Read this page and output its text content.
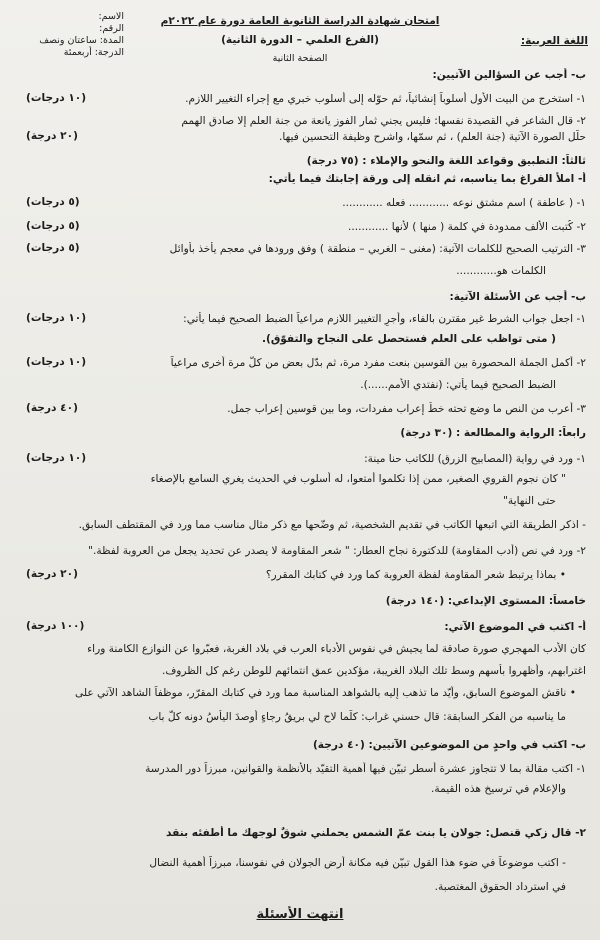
اللغة العربية:
امتحان شهادة الدراسة الثانوية العامة دورة عام ٢٠٢٢م
(الفرع العلمي – الدورة الثانية)
الصفحة الثانية
الاسم:
الرقم:
المدة: ساعتان ونصف
الدرجة: أربعمئة
ب- أجب عن السؤالين الآتيين:
١- استخرج من البيت الأول أسلوباً إنشائياً، ثم حوّله إلى أسلوب خبري مع إجراء التغيير اللازم.
(١٠ درجات)
٢- قال الشاعر في القصيدة نفسها: فليس يجني ثمار الفوز يانعة من جنة العلم إلا صادق الهمم
حلّل الصورة الآتية (جنة العلم) ، ثم سمّها، واشرح وظيفة التحسين فيها.
(٢٠ درجة)
ثالثاً: التطبيق وقواعد اللغة والنحو والإملاء : (٧٥ درجة)
أ- املأ الفراغ بما يناسبه، ثم انقله إلى ورقة إجابتك فيما يأتي:
١- ( عاطفة ) اسم مشتق نوعه ............ فعله ............
(٥ درجات)
٢- كُتبت الألف ممدودة في كلمة ( منها ) لأنها ............
(٥ درجات)
٣- الترتيب الصحيح للكلمات الآتية: (مغنى – الغربي – منطقة ) وفق ورودها في معجم يأخذ بأوائل
(٥ درجات)
الكلمات هو............
ب- أجب عن الأسئلة الآتية:
١- اجعل جواب الشرط غير مقترن بالفاء، وأجرِ التغيير اللازم مراعياً الضبط الصحيح فيما يأتي:
(١٠ درجات)
( متى تواظب على العلم فستحصل على النجاح والتفوّق).
٢- أكمل الجملة المحصورة بين القوسين بنعت مفرد مرة، ثم بدّل بعض من كلّ مرة أخرى مراعياً
(١٠ درجات)
الضبط الصحيح فيما يأتي: (نفتدي الأمم......).
٣- أعرب من النص ما وضع تحته خطٌ إعراب مفردات، وما بين قوسين إعراب جمل.
(٤٠ درجة)
رابعاً: الرواية والمطالعة : (٣٠ درجة)
١- ورد في رواية (المصابيح الزرق) للكاتب حنا مينة:
(١٠ درجات)
" كان نجوم القروي الصغير، ممن إذا تكلموا أمتعوا، له أسلوب في الحديث يغري السامع بالإصغاء
حتى النهاية"
- اذكر الطريقة التي اتبعها الكاتب في تقديم الشخصية، ثم وضّحها مع ذكر مثال مناسب مما ورد في المقتطف السابق.
٢- ورد في نص (أدب المقاومة) للدكتورة نجاح العطار: " شعر المقاومة لا يصدر عن تحديد يجعل من العروبة لفظة."
• بماذا يرتبط شعر المقاومة لفظة العروبة كما ورد في كتابك المقرر؟
(٢٠ درجة)
خامساً: المستوى الإبداعي: (١٤٠ درجة)
أ- اكتب في الموضوع الآتي:
(١٠٠ درجة)
كان الأدب المهجري صورة صادقة لما يجيش في نفوس الأدباء العرب في بلاد الغربة، فعبّروا عن النوازع الكامنة وراء
اغترابهم، وأظهروا بأسهم وسط تلك البلاد الغريبة، مؤكدين عمق انتمائهم للوطن رغم كل الظروف.
• ناقش الموضوع السابق، وأيّد ما تذهب إليه بالشواهد المناسبة مما ورد في كتابك المقرّر، موظفاً الشاهد الآتي على
ما يناسبه من الفكر السابقة: قال حسني غراب: كلّما لاح لي بريقُ رجاءٍ أوصدَ اليأسُ دونه كلَّ باب
ب- اكتب في واحدٍ من الموضوعين الآتيين: (٤٠ درجة)
١- اكتب مقالة بما لا تتجاوز عشرة أسطر تبيّن فيها أهمية التقيّد بالأنظمة والقوانين، مبرزاً دور المدرسة
والإعلام في ترسيخ هذه القيمة.
٢- قال زكي قنصل: جولان يا بنت عمّ الشمس يحملني شوقٌ لوجهك ما أطفئه بنقد
- اكتب موضوعاً في ضوء هذا القول تبيّن فيه مكانة أرض الجولان في نفوسنا، مبرزاً أهمية النضال
في استرداد الحقوق المغتصبة.
انتهت الأسئلة
